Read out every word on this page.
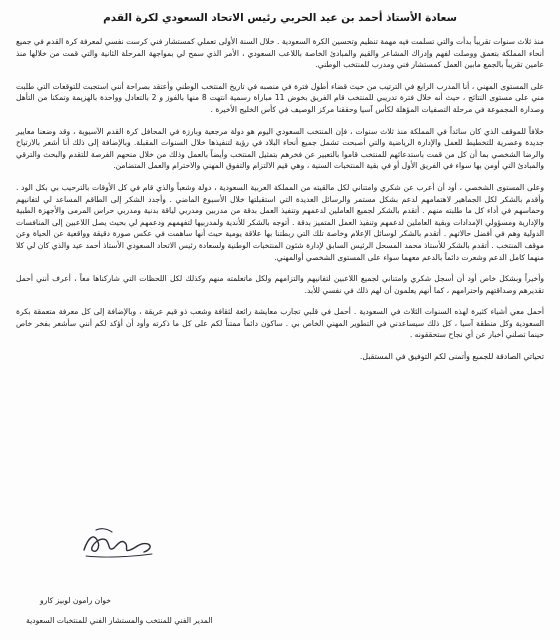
سعادة الأستاذ أحمد بن عيد الحربي رئيس الاتحاد السعودي لكرة القدم

منذ ثلاث سنوات تقريباً بدأت والتي تسلمت فيه مهمة تنظيم وتحسين الكرة السعودية . خلال السنة الأولى تعملي كمستشار فني كرست نفسي لمعرفة كرة القدم في جميع أنحاء المملكة بتعمق ووصلت لفهم وإدراك المشاعر والقيم والمبادئ الخاصة باللاعب السعودي ، الأمر الذي سمح لي بمواجهة المرحلة الثانية والتي قمت من خلالها منذ عامين تقريباً بالجمع مابين العمل كمستشار فني ومدرب للمنتخب الوطني.

على المستوى المهني ، أنا المدرب الرابع في الترتيب من حيث قضاء أطول فترة في منصبه في تاريخ المنتخب الوطني وأعتقد بصراحة أنني استجبت للتوقعات التي طلبت مني على مستوى النتائج ، حيث أنه خلال فترة تدريبي للمنتخب قام الفريق بخوض 11 مباراة رسمية انتهت 8 منها بالفوز و 2 بالتعادل وواحدة بالهزيمة وتمكنا من التأهل وصدارة المجموعة في مرحلة التصفيات المؤهلة لكأس آسيا وحققنا مركز الوصيف في كأس الخليج الأخيرة .

خلافاً للموقف الذي كان سائداً في المملكة منذ ثلاث سنوات ، فإن المنتخب السعودي اليوم هو دولة مرجعية وبارزة في المحافل كرة القدم الآسيوية ، وقد وضعنا معايير جديدة وعصرية للتخطيط للعمل والإدارة الرياضية والتي أصبحت تشمل جميع أنحاء البلاد في رؤية لتنفيذها خلال السنوات المقبلة. وبالإضافة إلى ذلك أنا أشعر بالارتياح والرضا الشخصي بما أن كل من قمت باستدعائهم للمنتخب قاموا بالتعبير عن فخرهم بتمثيل المنتخب وأيضاً بالعمل وذلك من خلال منحهم الفرصة للتقدم والبحث والترقي والمبادئ التي أومن بها سواء في الفريق الأول أو في بقية المنتخبات السنية ، وهي قيم الالتزام والتفوق المهني والاحترام والعمل المتضامن.

وعلى المستوى الشخصي ، أود أن أعرب عن شكري وامتناني لكل مالقيته من المملكة العربية السعودية ، دولة وشعباً والذي قام في كل الأوقات بالترحيب بي بكل الود . وأقدم بالشكر لكل الجماهير لاهتمامهم لدعم بشكل مستمر والرسائل العديدة التي استقبلتها خلال الأسبوع الماضي . وأجدد الشكر إلى الطاقم المساعد لي لتفانيهم وحماسهم في أداء كل ما طلبته منهم . أتقدم بالشكر لجميع العاملين لدعمهم وتنفيذ العمل بدقة من مدربين ومدربي لياقة بدنية ومدربي حراس المرمى والأجهزة الطبية والإدارية ومسؤولي الإمدادات وبقية العاملين لدعمهم وتنفيذ العمل المتميز بدقة . أتوجه بالشكر للأندية ولمدربيها لتفهمهم ودعمهم لي بحيث يصل اللاعبين إلى المنافسات الدولية وهم في أفضل حالاتهم . أتقدم بالشكر لوسائل الإعلام وخاصة تلك التي ربطتنا بها علاقة يومية حيث أنها ساهمت في عكس صورة دقيقة وواقعية عن الحياة وعن موقف المنتخب . أتقدم بالشكر للأستاذ محمد المسحل الرئيس السابق لإدارة شئون المنتخبات الوطنية ولسعادة رئيس الاتحاد السعودي الأستاذ أحمد عيد والذي كان لي كلا منهما كامل الدعم وشعرت دائماً بالدعم معهما سواء على المستوى الشخصي أوالمهني.

وأخيراً وبشكل خاص أود أن أسجل شكري وامتناني لجميع اللاعبين لتفانيهم والتزامهم ولكل ماتعلمته منهم وكذلك لكل اللحظات التي شاركناها معاً ، أعرف أنني أحمل تقديرهم وصداقتهم واحترامهم ، كما أنهم يعلمون أن لهم ذلك في نفسي للأبد.

أحمل معي أشياء كثيرة لهذه السنوات الثلاث في السعودية . أحمل في قلبي تجارب معايشة رائعة لثقافة وشعب ذو قيم عريقة ، وبالإضافة إلى كل معرفة متعمقة بكرة السعودية وكل منطقة آسيا ، كل ذلك سيساعدني في التطوير المهني الخاص بي . ساكون دائماً ممتناً لكم على كل ما ذكرته وأود أن أؤكد لكم أنني سأشعر بفخر خاص حينما تصلني أخبار عن أي نجاح ستحققونه .

تحياتي الصادقة للجميع وأتمنى لكم التوفيق في المستقبل.

خوان رامون لوبيز كارو
المدير الفني للمنتخب والمستشار الفني للمنتخبات السعودية
